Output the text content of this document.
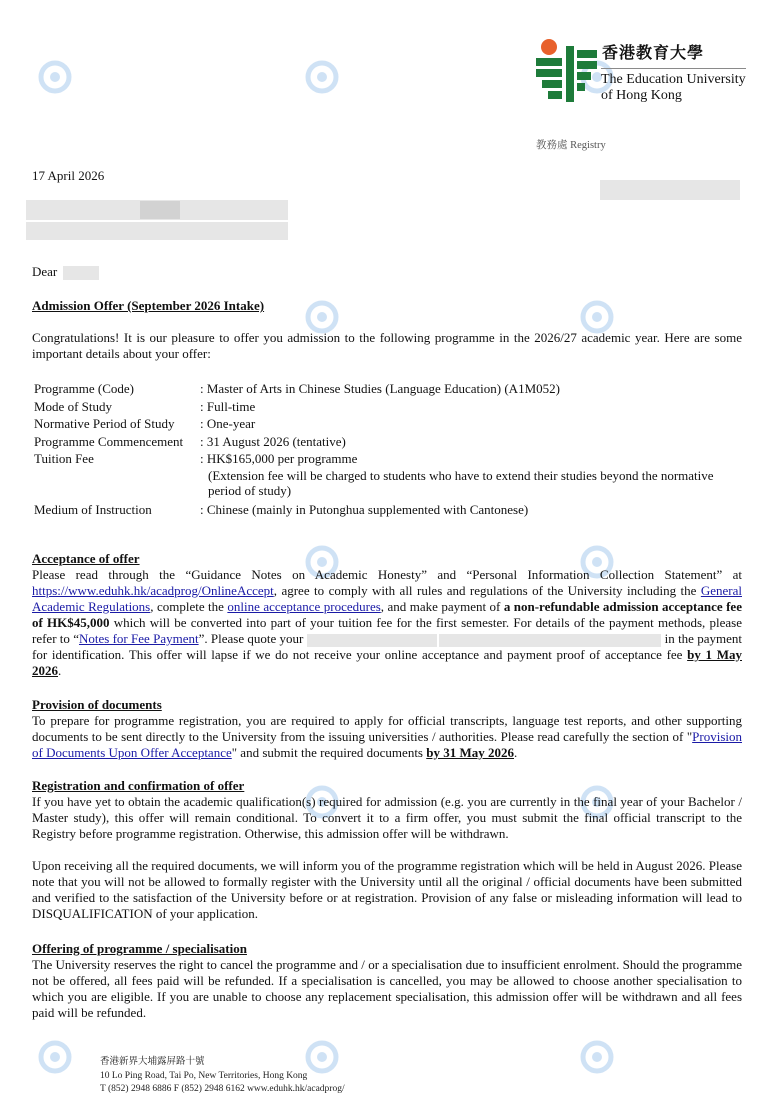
香港教育大學
The Education University
of Hong Kong
教務處 Registry
17 April 2026
Dear
Admission Offer (September 2026 Intake)
Congratulations! It is our pleasure to offer you admission to the following programme in the 2026/27 academic year. Here are some important details about your offer:
Programme (Code)	: Master of Arts in Chinese Studies (Language Education) (A1M052)
Mode of Study	: Full-time
Normative Period of Study	: One-year
Programme Commencement	: 31 August 2026 (tentative)
Tuition Fee	: HK$165,000 per programme
	(Extension fee will be charged to students who have to extend their studies beyond the normative period of study)
Medium of Instruction	: Chinese (mainly in Putonghua supplemented with Cantonese)
Acceptance of offer
Please read through the “Guidance Notes on Academic Honesty” and “Personal Information Collection Statement” at https://www.eduhk.hk/acadprog/OnlineAccept, agree to comply with all rules and regulations of the University including the General Academic Regulations, complete the online acceptance procedures, and make payment of a non-refundable admission acceptance fee of HK$45,000 which will be converted into part of your tuition fee for the first semester. For details of the payment methods, please refer to “Notes for Fee Payment”. Please quote your	in the payment for identification. This offer will lapse if we do not receive your online acceptance and payment proof of acceptance fee by 1 May 2026.
Provision of documents
To prepare for programme registration, you are required to apply for official transcripts, language test reports, and other supporting documents to be sent directly to the University from the issuing universities / authorities. Please read carefully the section of "Provision of Documents Upon Offer Acceptance" and submit the required documents by 31 May 2026.
Registration and confirmation of offer
If you have yet to obtain the academic qualification(s) required for admission (e.g. you are currently in the final year of your Bachelor / Master study), this offer will remain conditional. To convert it to a firm offer, you must submit the final official transcript to the Registry before programme registration. Otherwise, this admission offer will be withdrawn.
Upon receiving all the required documents, we will inform you of the programme registration which will be held in August 2026. Please note that you will not be allowed to formally register with the University until all the original / official documents have been submitted and verified to the satisfaction of the University before or at registration. Provision of any false or misleading information will lead to DISQUALIFICATION of your application.
Offering of programme / specialisation
The University reserves the right to cancel the programme and / or a specialisation due to insufficient enrolment. Should the programme not be offered, all fees paid will be refunded. If a specialisation is cancelled, you may be allowed to choose another specialisation to which you are eligible. If you are unable to choose any replacement specialisation, this admission offer will be withdrawn and all fees paid will be refunded.
香港新界大埔露屏路十號
10 Lo Ping Road, Tai Po, New Territories, Hong Kong
T (852) 2948 6886 F (852) 2948 6162 www.eduhk.hk/acadprog/
